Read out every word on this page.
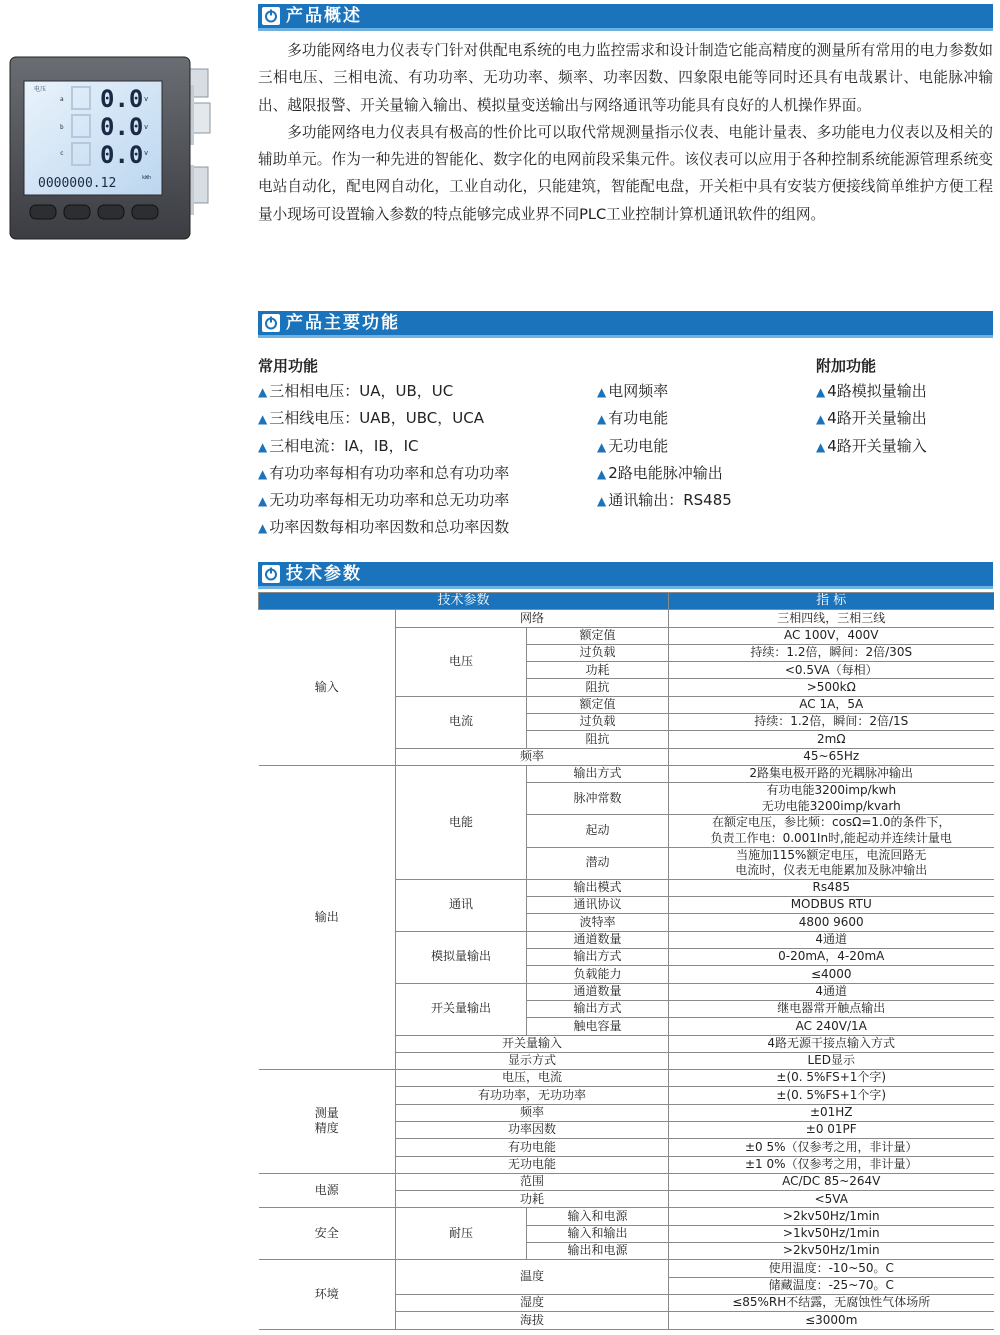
电压
a 0.0 v
b 0.0 v
c 0.0 v
0000000.12	kWh
产品概述

多功能网络电力仪表专门针对供配电系统的电力监控需求和设计制造它能高精度的测量所有常用的电力参数如三相电压、三相电流、有功功率、无功功率、频率、功率因数、四象限电能等同时还具有电哉累计、电能脉冲输出、越限报警、开关量输入输出、模拟量变送输出与网络通讯等功能具有良好的人机操作界面。

多功能网络电力仪表具有极高的性价比可以取代常规测量指示仪表、电能计量表、多功能电力仪表以及相关的辅助单元。作为一种先进的智能化、数字化的电网前段采集元件。该仪表可以应用于各种控制系统能源管理系统变电站自动化，配电网自动化，工业自动化，只能建筑，智能配电盘，开关柜中具有安装方便接线简单维护方便工程量小现场可设置输入参数的特点能够完成业界不同PLC工业控制计算机通讯软件的组网。

产品主要功能
常用功能	附加功能
▲ 三相相电压：UA，UB，UC
▲ 三相线电压：UAB，UBC，UCA
▲ 三相电流：IA，IB，IC
▲ 有功功率每相有功功率和总有功功率
▲ 无功功率每相无功功率和总无功功率
▲ 功率因数每相功率因数和总功率因数
▲ 电网频率
▲ 有功电能
▲ 无功电能
▲ 2路电能脉冲输出
▲ 通讯输出：RS485
▲ 4路模拟量输出
▲ 4路开关量输出
▲ 4路开关量输入
技术参数
技术参数			指 标
输入	网络		三相四线，三相三线
	电压	额定值	AC 100V，400V
		过负载	持续：1.2倍，瞬间：2倍/30S
		功耗	<0.5VA（每相）
		阻抗	>500kΩ
	电流	额定值	AC 1A，5A
		过负载	持续：1.2倍，瞬间：2倍/1S
		阻抗	2mΩ
	频率		45~65Hz
输出	电能	输出方式	2路集电极开路的光耦脉冲输出
		脉冲常数	有功电能3200imp/kwh
无功电能3200imp/kvarh

		起动	在额定电压，参比频：cosΩ=1.0的条件下，
负责工作电：0.001In时,能起动并连续计量电

		潜动	当施加115%额定电压，电流回路无
电流时，仪表无电能累加及脉冲输出

	通讯	输出模式	Rs485
		通讯协议	MODBUS RTU
		波特率	4800 9600
	模拟量输出	通道数量	4通道
		输出方式	0-20mA，4-20mA
		负载能力	≤4000
	开关量输出	通道数量	4通道
		输出方式	继电器常开触点输出
		触电容量	AC 240V/1A
	开关量输入		4路无源干接点输入方式
	显示方式		LED显示

测量精度	电压，电流		±(0. 5%FS+1个字)
	有功功率，无功功率		±(0. 5%FS+1个字)
	频率		±01HZ
	功率因数		±0 01PF
	有功电能		±0 5%（仅参考之用，非计量）
	无功电能		±1 0%（仅参考之用，非计量）
电源	范围		AC/DC 85~264V
	功耗		<5VA
安全	耐压	输入和电源	>2kv50Hz/1min
		输入和输出	>1kv50Hz/1min
		输出和电源	>2kv50Hz/1min
环境	温度		使用温度：-10~50。C
			储藏温度：-25~70。C
	湿度		≤85%RH不结露，无腐蚀性气体场所
	海拔		≤3000m
